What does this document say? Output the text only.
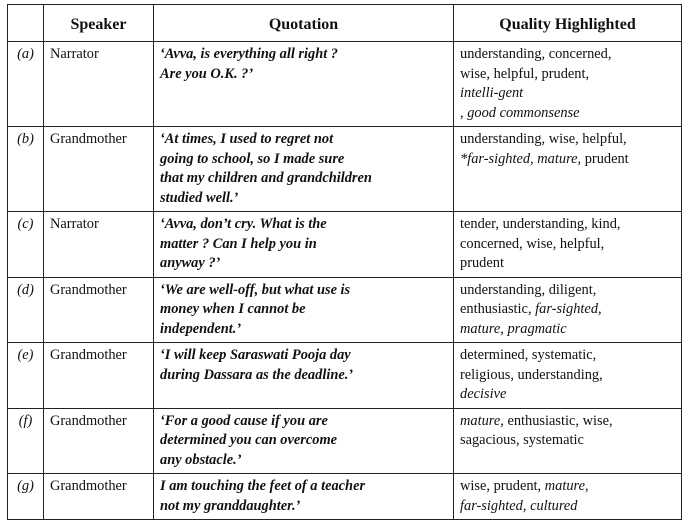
	Speaker	Quotation	Quality Highlighted
(a)	Narrator	‘Avva, is everything all right ?
Are you O.K. ?’	understanding, concerned,
wise, helpful, prudent,
intelli-gent
, good commonsense
(b)	Grandmother	‘At times, I used to regret not
going to school, so I made sure
that my children and grandchildren
studied well.’	understanding, wise, helpful,
*far-sighted, mature, prudent
(c)	Narrator	‘Avva, don’t cry. What is the
matter ? Can I help you in
anyway ?’	tender, understanding, kind,
concerned, wise, helpful,
prudent
(d)	Grandmother	‘We are well-off, but what use is
money when I cannot be
independent.’	understanding, diligent,
enthusiastic, far-sighted,
mature, pragmatic
(e)	Grandmother	‘I will keep Saraswati Pooja day
during Dassara as the deadline.’	determined, systematic,
religious, understanding,
decisive
(f)	Grandmother	‘For a good cause if you are
determined you can overcome
any obstacle.’	mature, enthusiastic, wise,
sagacious, systematic
(g)	Grandmother	I am touching the feet of a teacher
not my granddaughter.’	wise, prudent, mature,
far-sighted, cultured
